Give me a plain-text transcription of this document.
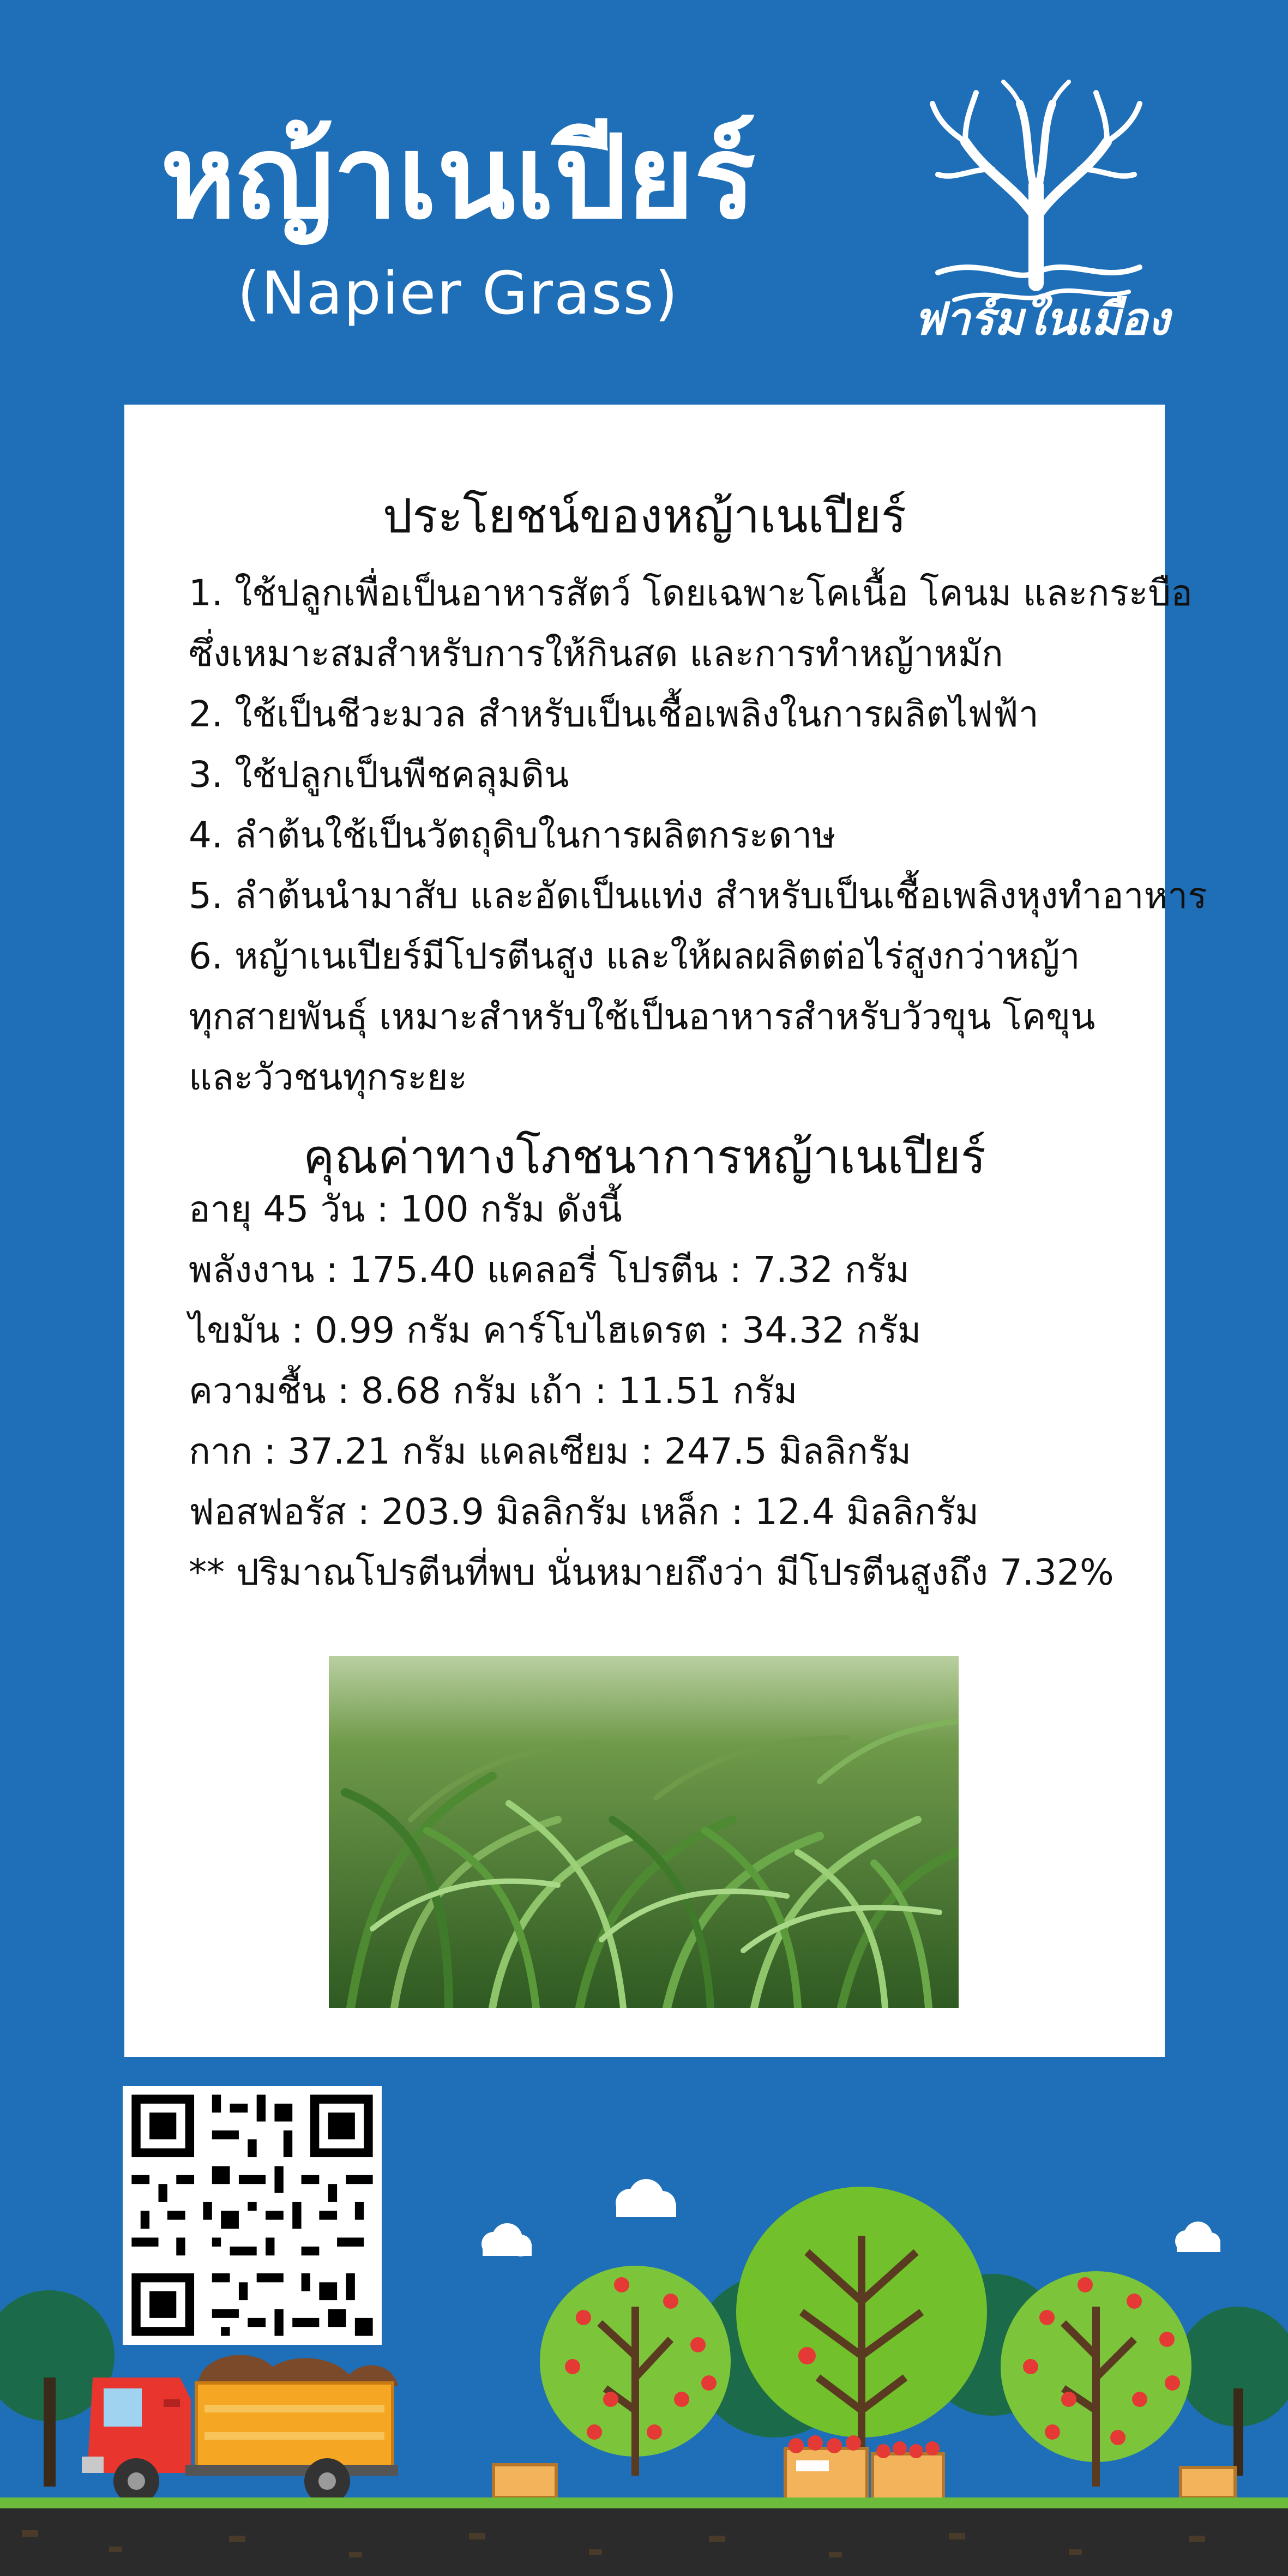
หญ้าเนเปียร์
(Napier Grass)	ฟาร์มในเมือง
ประโยชน์ของหญ้าเนเปียร์
1. ใช้ปลูกเพื่อเป็นอาหารสัตว์ โดยเฉพาะโคเนื้อ โคนม และกระบือ
ซึ่งเหมาะสมสำหรับการให้กินสด และการทำหญ้าหมัก
2. ใช้เป็นชีวะมวล สำหรับเป็นเชื้อเพลิงในการผลิตไฟฟ้า
3. ใช้ปลูกเป็นพืชคลุมดิน
4. ลำต้นใช้เป็นวัตถุดิบในการผลิตกระดาษ
5. ลำต้นนำมาสับ และอัดเป็นแท่ง สำหรับเป็นเชื้อเพลิงหุงทำอาหาร
6. หญ้าเนเปียร์มีโปรตีนสูง และให้ผลผลิตต่อไร่สูงกว่าหญ้า
ทุกสายพันธุ์ เหมาะสำหรับใช้เป็นอาหารสำหรับวัวขุน โคขุน
และวัวชนทุกระยะ
คุณค่าทางโภชนาการหญ้าเนเปียร์
อายุ 45 วัน : 100 กรัม ดังนี้
พลังงาน : 175.40 แคลอรี่ โปรตีน : 7.32 กรัม
ไขมัน : 0.99 กรัม คาร์โบไฮเดรต : 34.32 กรัม
ความชื้น : 8.68 กรัม เถ้า : 11.51 กรัม
กาก : 37.21 กรัม แคลเซียม : 247.5 มิลลิกรัม
ฟอสฟอรัส : 203.9 มิลลิกรัม เหล็ก : 12.4 มิลลิกรัม
** ปริมาณโปรตีนที่พบ นั่นหมายถึงว่า มีโปรตีนสูงถึง 7.32%
